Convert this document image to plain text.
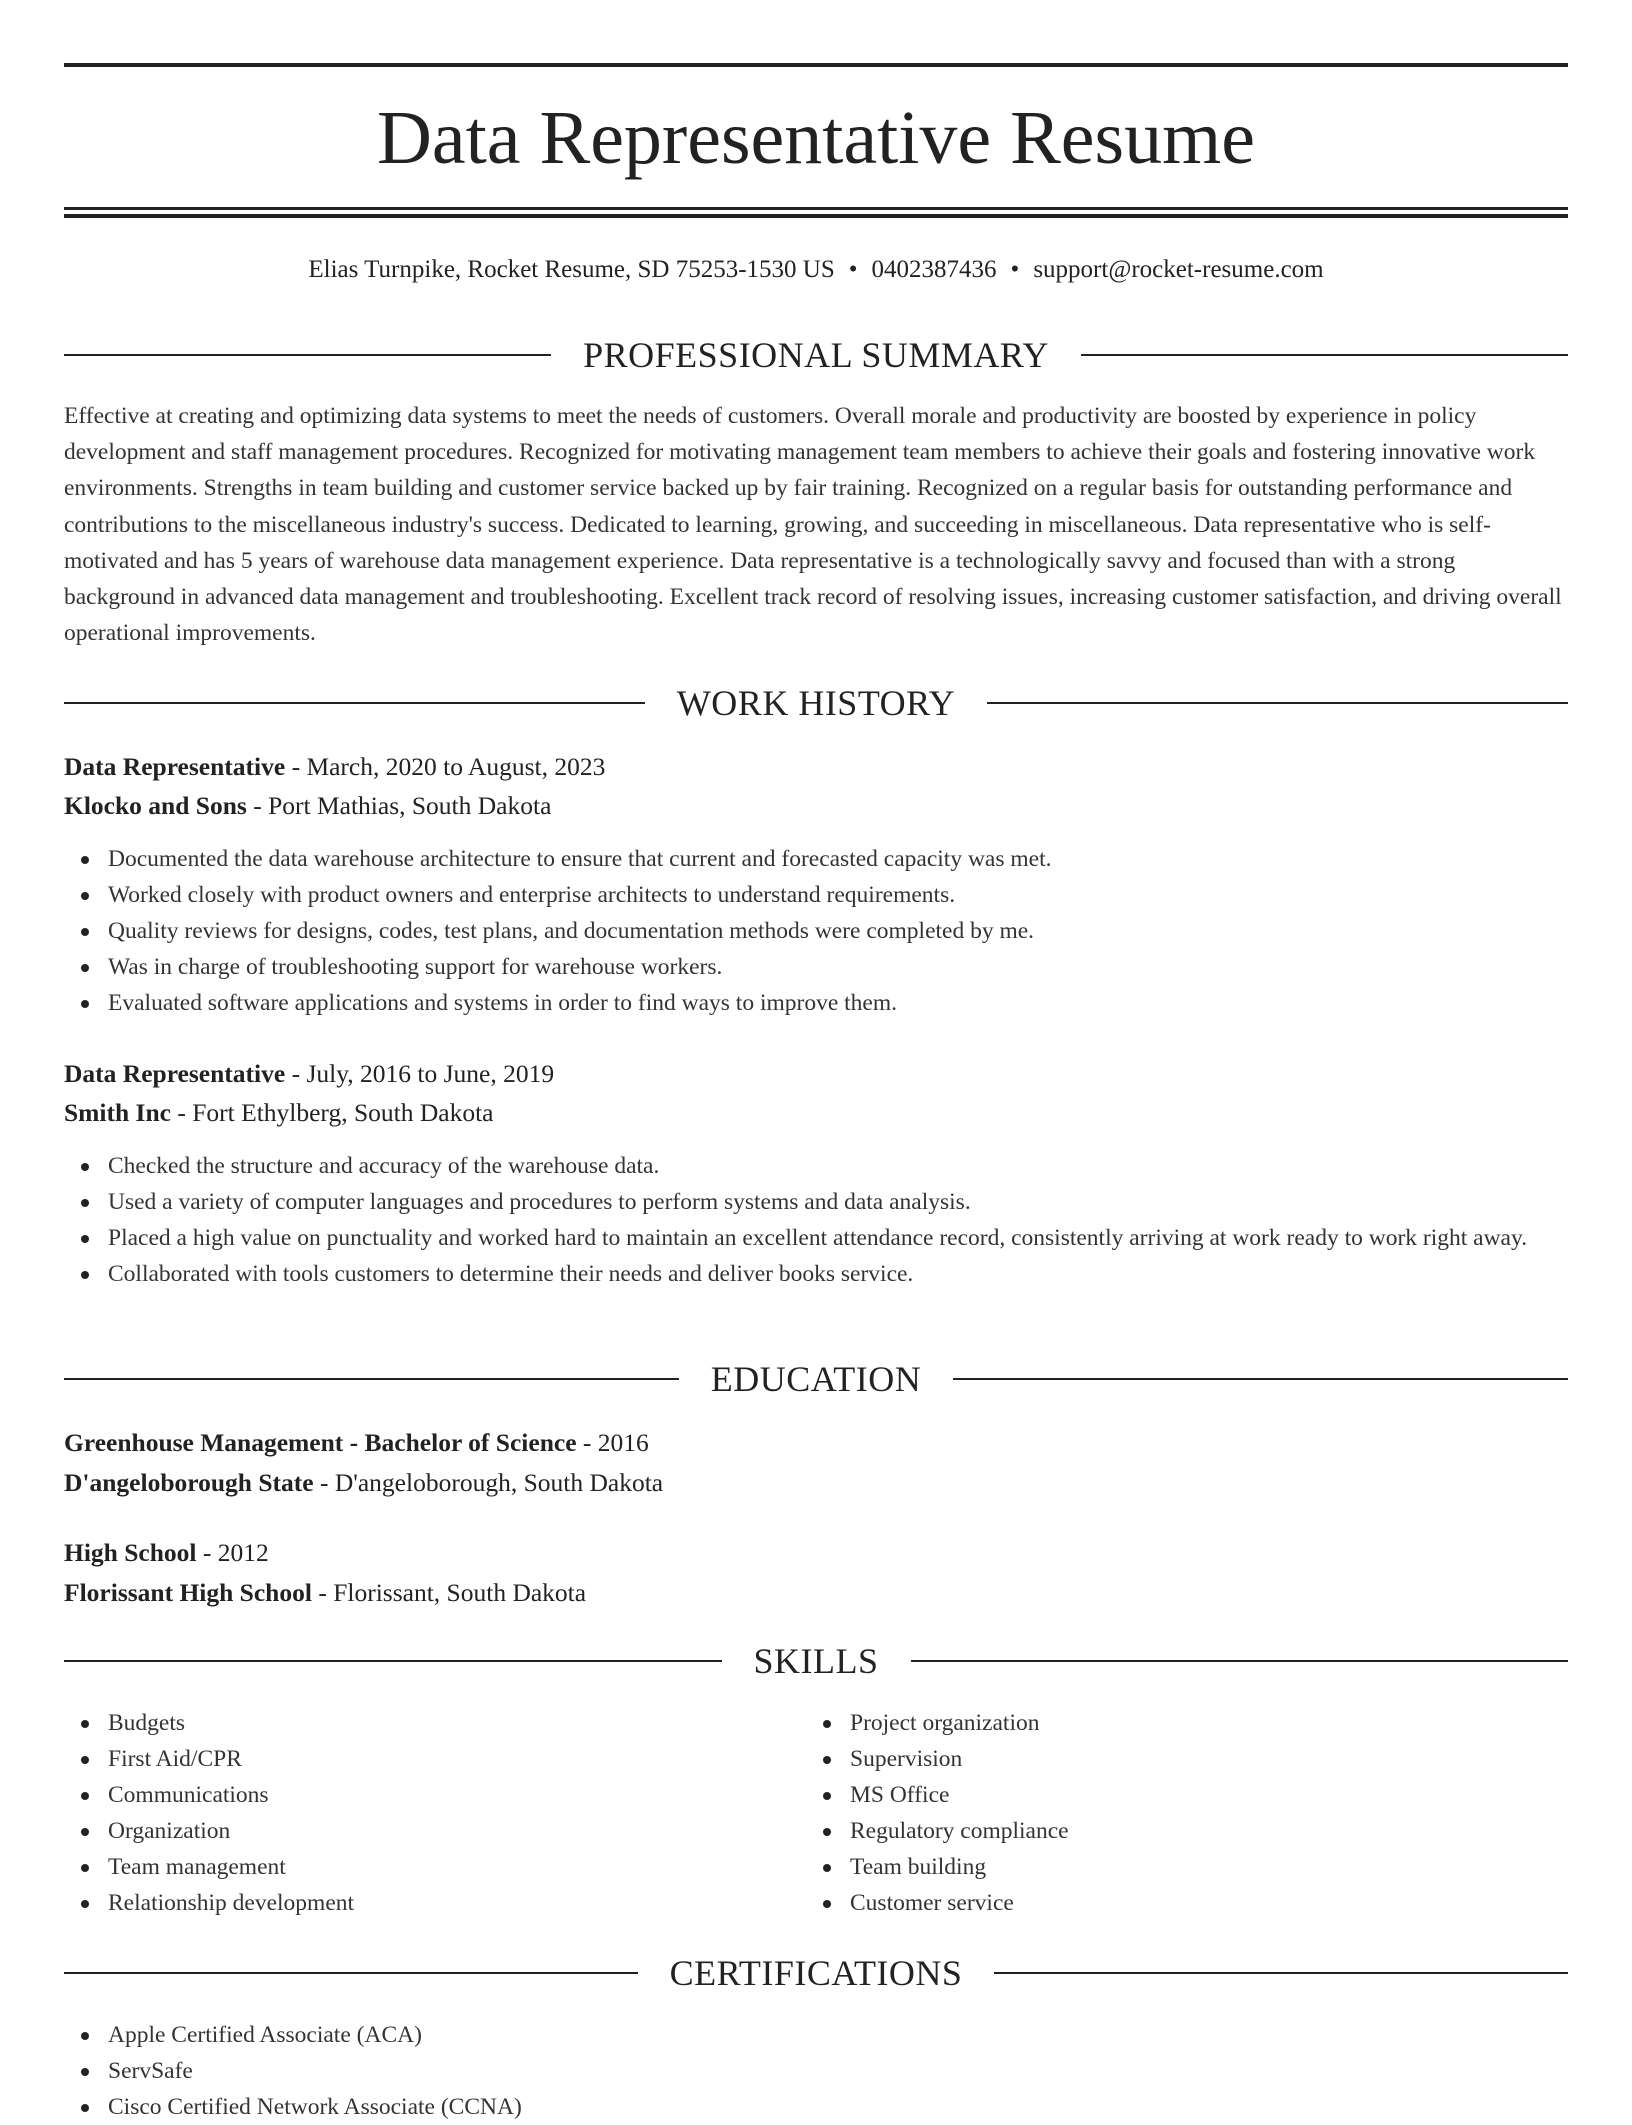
Data Representative Resume
Elias Turnpike, Rocket Resume, SD 75253-1530 US • 0402387436 • support@rocket-resume.com
PROFESSIONAL SUMMARY

Effective at creating and optimizing data systems to meet the needs of customers. Overall morale and productivity are boosted by experience in policy development and staff management procedures. Recognized for motivating management team members to achieve their goals and fostering innovative work environments. Strengths in team building and customer service backed up by fair training. Recognized on a regular basis for outstanding performance and contributions to the miscellaneous industry's success. Dedicated to learning, growing, and succeeding in miscellaneous. Data representative who is self-motivated and has 5 years of warehouse data management experience. Data representative is a technologically savvy and focused than with a strong background in advanced data management and troubleshooting. Excellent track record of resolving issues, increasing customer satisfaction, and driving overall operational improvements.

WORK HISTORY
Data Representative - March, 2020 to August, 2023
Klocko and Sons - Port Mathias, South Dakota
Documented the data warehouse architecture to ensure that current and forecasted capacity was met.
Worked closely with product owners and enterprise architects to understand requirements.
Quality reviews for designs, codes, test plans, and documentation methods were completed by me.
Was in charge of troubleshooting support for warehouse workers.
Evaluated software applications and systems in order to find ways to improve them.
Data Representative - July, 2016 to June, 2019
Smith Inc - Fort Ethylberg, South Dakota
Checked the structure and accuracy of the warehouse data.
Used a variety of computer languages and procedures to perform systems and data analysis.
Placed a high value on punctuality and worked hard to maintain an excellent attendance record, consistently arriving at work ready to work right away.
Collaborated with tools customers to determine their needs and deliver books service.
EDUCATION
Greenhouse Management - Bachelor of Science - 2016
D'angeloborough State - D'angeloborough, South Dakota
High School - 2012
Florissant High School - Florissant, South Dakota
SKILLS
Budgets
First Aid/CPR
Communications
Organization
Team management
Relationship development
Project organization
Supervision
MS Office
Regulatory compliance
Team building
Customer service
CERTIFICATIONS
Apple Certified Associate (ACA)
ServSafe
Cisco Certified Network Associate (CCNA)
